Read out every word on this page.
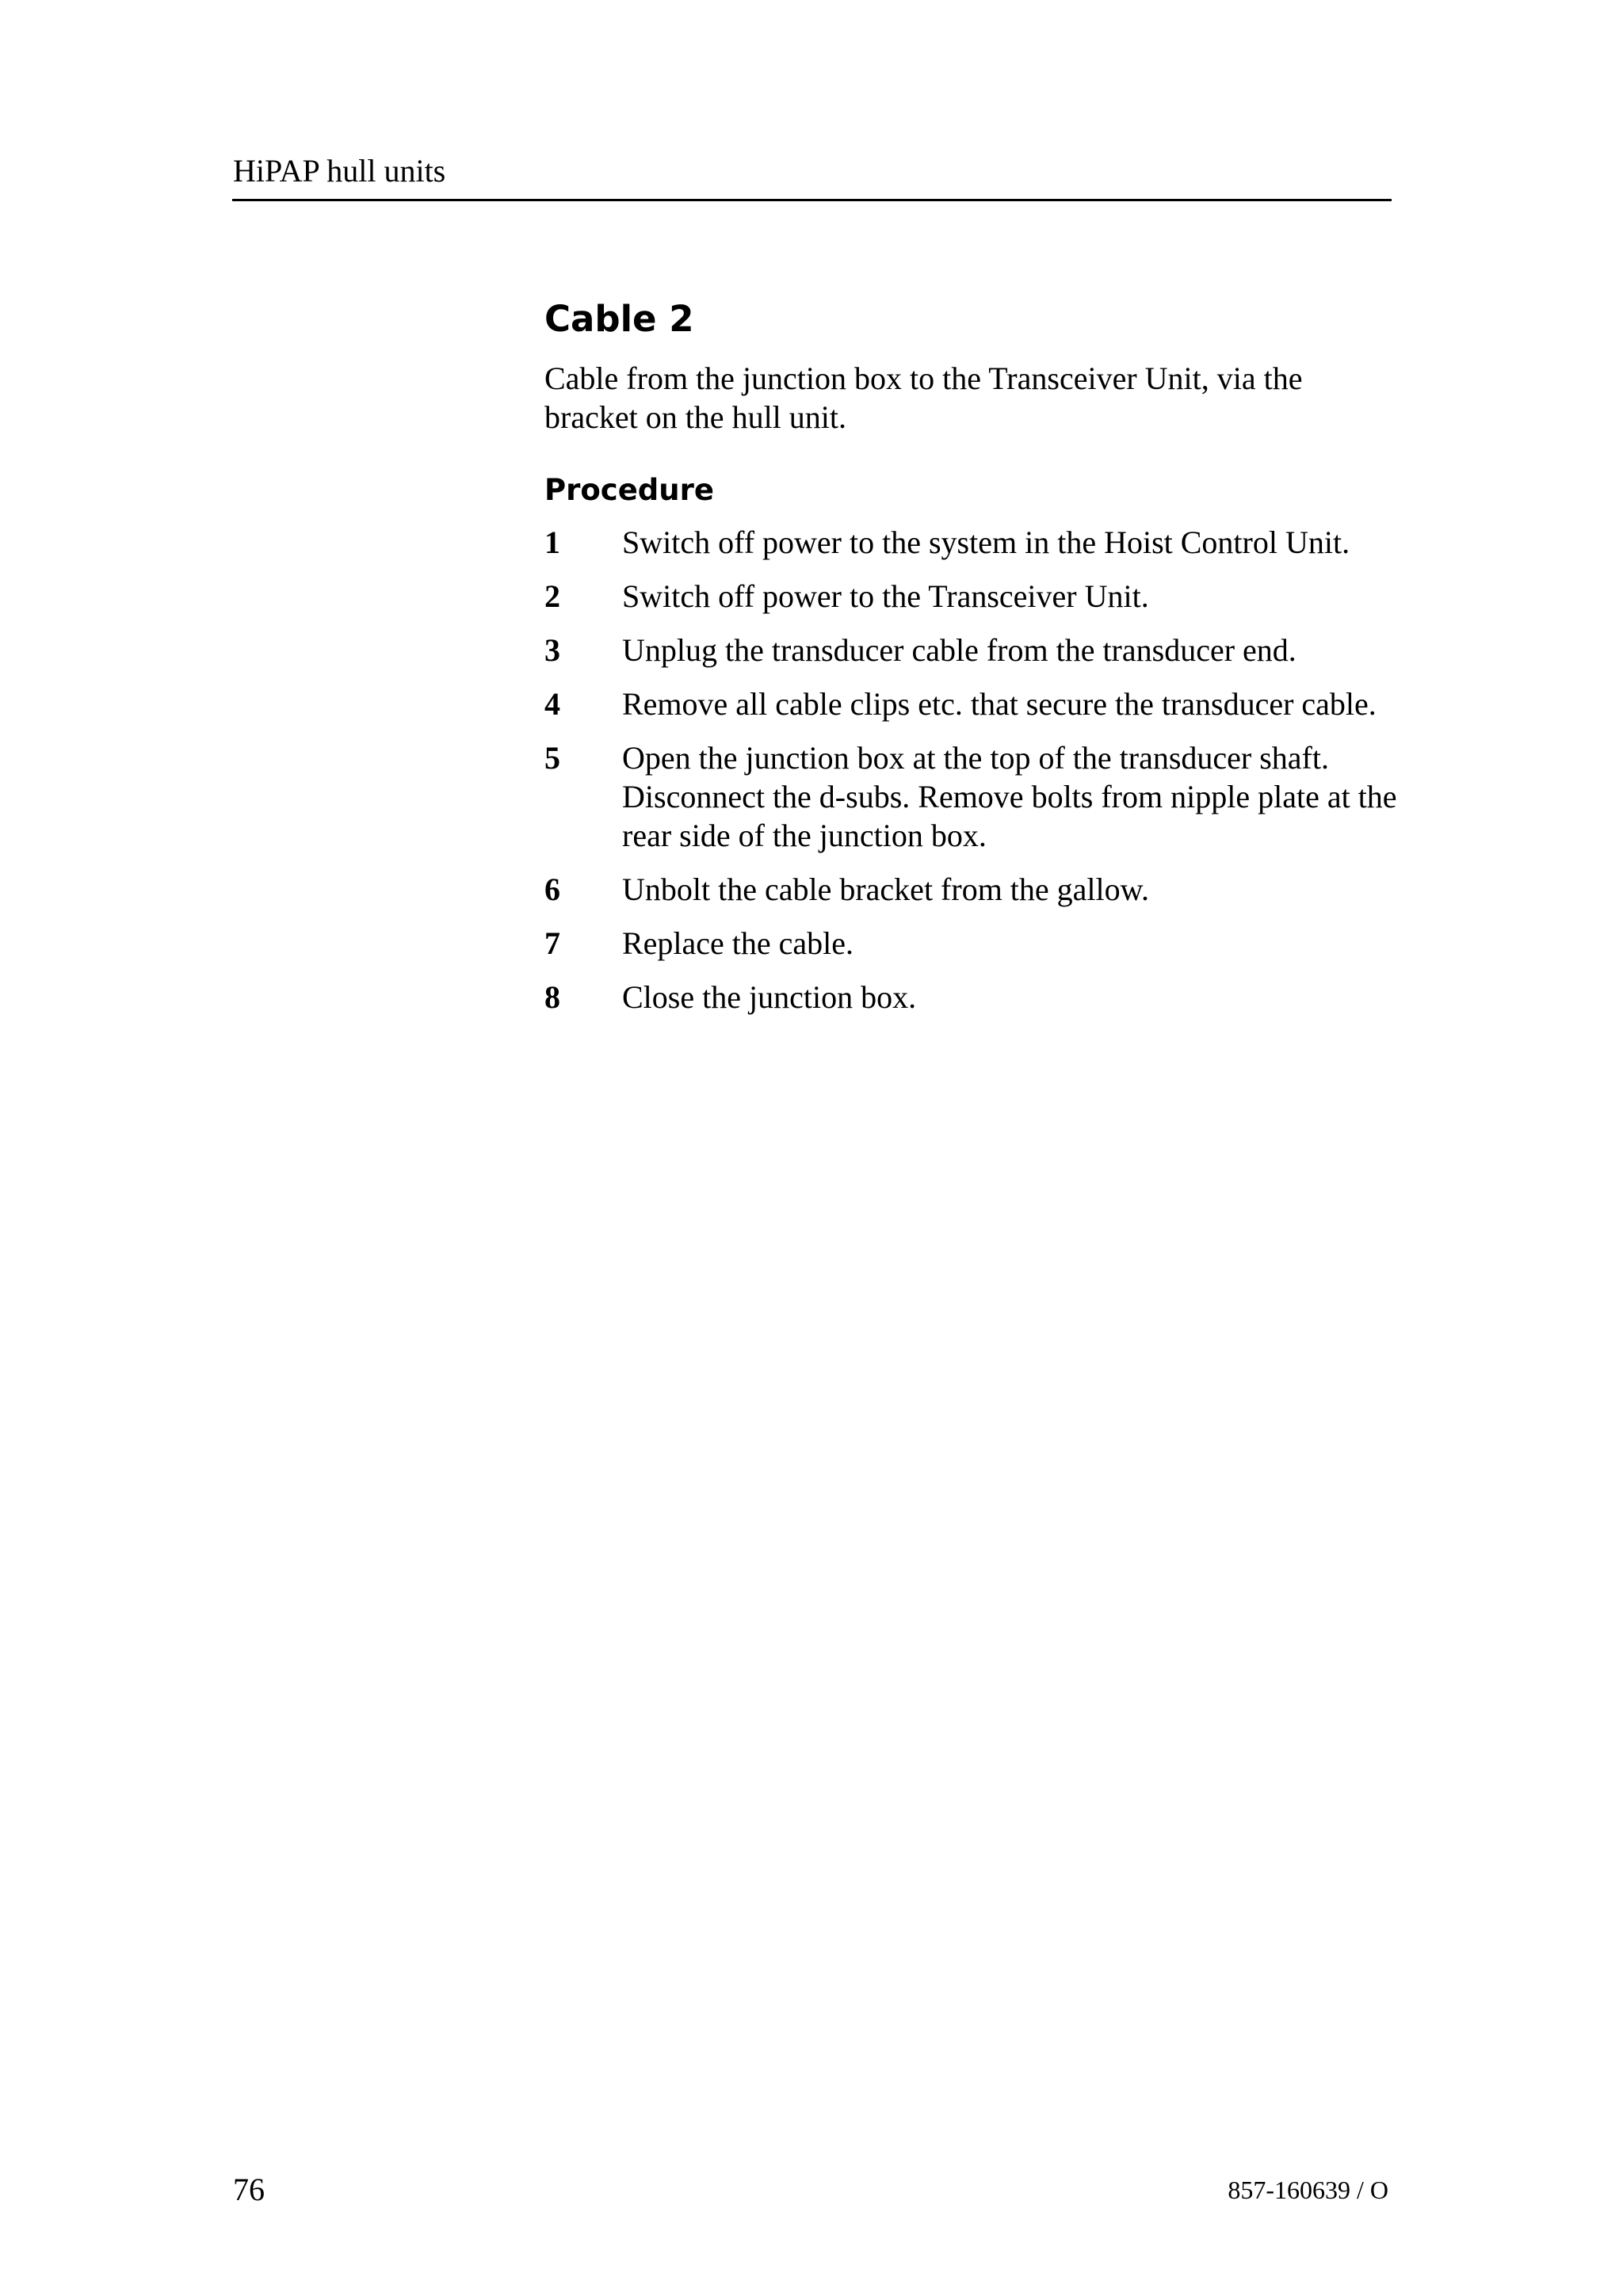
HiPAP hull units
Cable 2

Cable from the junction box to the Transceiver Unit, via the bracket on the hull unit.

Procedure
1	Switch off power to the system in the Hoist Control Unit.
2	Switch off power to the Transceiver Unit.
3	Unplug the transducer cable from the transducer end.
4	Remove all cable clips etc. that secure the transducer cable.
5	Open the junction box at the top of the transducer shaft. Disconnect the d-subs. Remove bolts from nipple plate at the rear side of the junction box.
6	Unbolt the cable bracket from the gallow.
7	Replace the cable.
8	Close the junction box.
76	857-160639 / O
